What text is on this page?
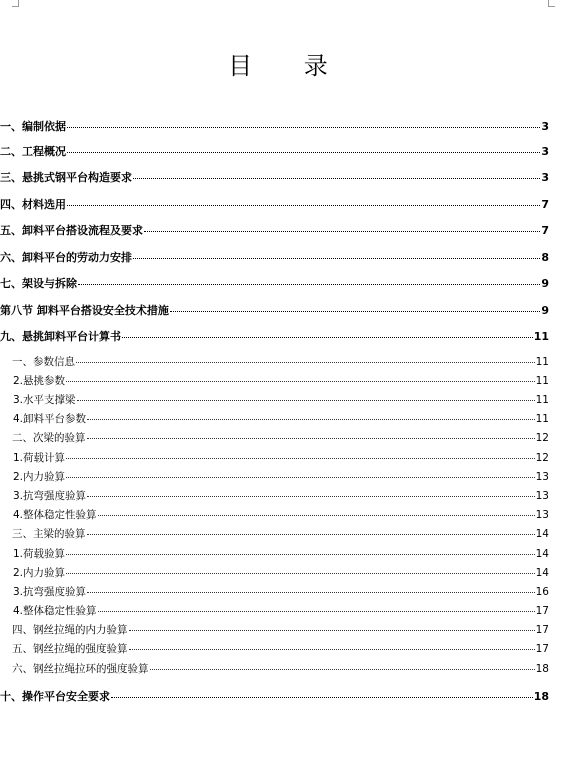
目 录
一、编制依据	3
二、工程概况	3
三、悬挑式钢平台构造要求	3
四、材料选用	7
五、卸料平台搭设流程及要求	7
六、卸料平台的劳动力安排	8
七、架设与拆除	9
第八节 卸料平台搭设安全技术措施	9
九、悬挑卸料平台计算书	11
一、参数信息	11
2.悬挑参数	11
3.水平支撑梁	11
4.卸料平台参数	11
二、次梁的验算	12
1.荷载计算	12
2.内力验算	13
3.抗弯强度验算	13
4.整体稳定性验算	13
三、主梁的验算	14
1.荷载验算	14
2.内力验算	14
3.抗弯强度验算	16
4.整体稳定性验算	17
四、钢丝拉绳的内力验算	17
五、钢丝拉绳的强度验算	17
六、钢丝拉绳拉环的强度验算	18
十、操作平台安全要求	18
